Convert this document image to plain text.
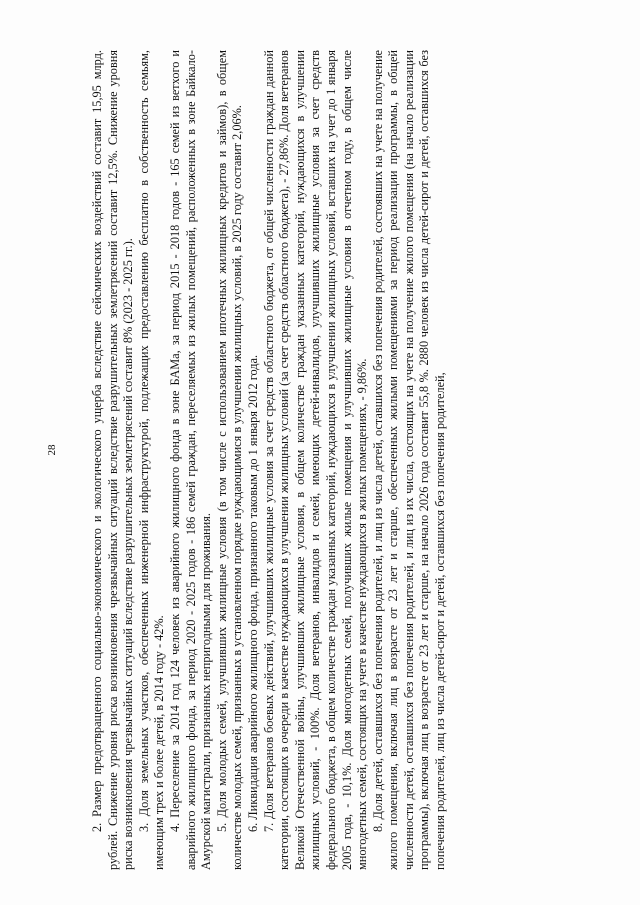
28	2. Размер предотвращенного социально-экономического и экологического ущерба вследствие сейсмических воздействий составит 15,95 млрд. рублей. Снижение уровня риска возникновения чрезвычайных ситуаций вследствие разрушительных землетрясений составит 12,5%. Снижение уровня риска возникновения чрезвычайных ситуаций вследствие разрушительных землетрясений составит 8% (2023 - 2025 гг.). 3. Доля земельных участков, обеспеченных инженерной инфраструктурой, подлежащих предоставлению бесплатно в собственность семьям, имеющим трех и более детей, в 2014 году - 42%. 4. Переселение за 2014 год 124 человек из аварийного жилищного фонда в зоне БАМа, за период 2015 - 2018 годов - 165 семей из ветхого и аварийного жилищного фонда, за период 2020 - 2025 годов - 186 семей граждан, переселяемых из жилых помещений, расположенных в зоне Байкало-Амурской магистрали, признанных непригодными для проживания. 5. Доля молодых семей, улучшивших жилищные условия (в том числе с использованием ипотечных жилищных кредитов и займов), в общем количестве молодых семей, признанных в установленном порядке нуждающимися в улучшении жилищных условий, в 2025 году составит 2,06%. 6. Ликвидация аварийного жилищного фонда, признанного таковым до 1 января 2012 года. 7. Доля ветеранов боевых действий, улучшивших жилищные условия за счет средств областного бюджета, от общей численности граждан данной категории, состоящих в очереди в качестве нуждающихся в улучшении жилищных условий (за счет средств областного бюджета), - 27,86%. Доля ветеранов Великой Отечественной войны, улучшивших жилищные условия, в общем количестве граждан указанных категорий, нуждающихся в улучшении жилищных условий, - 100%. Доля ветеранов, инвалидов и семей, имеющих детей-инвалидов, улучшивших жилищные условия за счет средств федерального бюджета, в общем количестве граждан указанных категорий, нуждающихся в улучшении жилищных условий, вставших на учет до 1 января 2005 года, - 10,1%. Доля многодетных семей, получивших жилые помещения и улучшивших жилищные условия в отчетном году, в общем числе многодетных семей, состоящих на учете в качестве нуждающихся в жилых помещениях, - 9,86%. 8. Доля детей, оставшихся без попечения родителей, и лиц из числа детей, оставшихся без попечения родителей, состоявших на учете на получение жилого помещения, включая лиц в возрасте от 23 лет и старше, обеспеченных жилыми помещениями за период реализации программы, в общей численности детей, оставшихся без попечения родителей, и лиц из их числа, состоящих на учете на получение жилого помещения (на начало реализации программы), включая лиц в возрасте от 23 лет и старше, на начало 2026 года составит 55,8 %. 2880 человек из числа детей-сирот и детей, оставшихся без попечения родителей, лиц из числа детей-сирот и детей, оставшихся без попечения родителей,
